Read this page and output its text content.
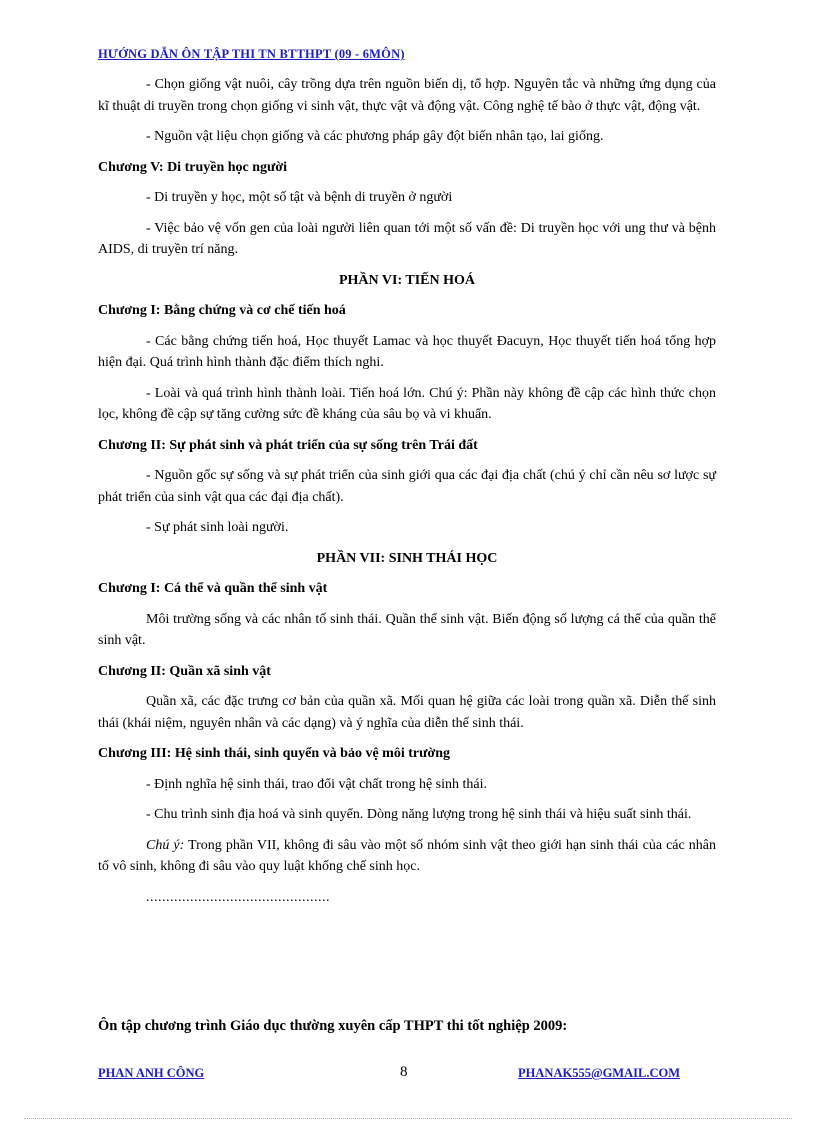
HƯỚNG DẪN ÔN TẬP THI TN BTTHPT (09 - 6MÔN)

- Chọn giống vật nuôi, cây trồng dựa trên nguồn biến dị, tổ hợp. Nguyên tắc và những ứng dụng của kĩ thuật di truyền trong chọn giống vi sinh vật, thực vật và động vật. Công nghệ tế bào ở thực vật, động vật.

- Nguồn vật liệu chọn giống và các phương pháp gây đột biến nhân tạo, lai giống.

Chương V: Di truyền học người

- Di truyền y học, một số tật và bệnh di truyền ở người

- Việc bảo vệ vốn gen của loài người liên quan tới một số vấn đề: Di truyền học với ung thư và bệnh AIDS, di truyền trí năng.

PHẦN VI: TIẾN HOÁ
Chương I: Bằng chứng và cơ chế tiến hoá

- Các bằng chứng tiến hoá, Học thuyết Lamac và học thuyết Đacuyn, Học thuyết tiến hoá tổng hợp hiện đại. Quá trình hình thành đặc điểm thích nghi.

- Loài và quá trình hình thành loài. Tiến hoá lớn. Chú ý: Phần này không đề cập các hình thức chọn lọc, không đề cập sự tăng cường sức đề kháng của sâu bọ và vi khuẩn.

Chương II: Sự phát sinh và phát triển của sự sống trên Trái đất

- Nguồn gốc sự sống và sự phát triển của sinh giới qua các đại địa chất (chú ý chỉ cần nêu sơ lược sự phát triển của sinh vật qua các đại địa chất).

- Sự phát sinh loài người.

PHẦN VII: SINH THÁI HỌC
Chương I: Cá thể và quần thể sinh vật

Môi trường sống và các nhân tố sinh thái. Quần thể sinh vật. Biến động số lượng cá thể của quần thể sinh vật.

Chương II: Quần xã sinh vật

Quần xã, các đặc trưng cơ bản của quần xã. Mối quan hệ giữa các loài trong quần xã. Diễn thế sinh thái (khái niệm, nguyên nhân và các dạng) và ý nghĩa của diễn thế sinh thái.

Chương III: Hệ sinh thái, sinh quyển và bảo vệ môi trường

- Định nghĩa hệ sinh thái, trao đổi vật chất trong hệ sinh thái.

- Chu trình sinh địa hoá và sinh quyển. Dòng năng lượng trong hệ sinh thái và hiệu suất sinh thái.

Chú ý: Trong phần VII, không đi sâu vào một số nhóm sinh vật theo giới hạn sinh thái của các nhân tố vô sinh, không đi sâu vào quy luật khống chế sinh học.

..............................................
Ôn tập chương trình Giáo dục thường xuyên cấp THPT thi tốt nghiệp 2009:
PHAN ANH CÔNG	8	PHANAK555@GMAIL.COM
